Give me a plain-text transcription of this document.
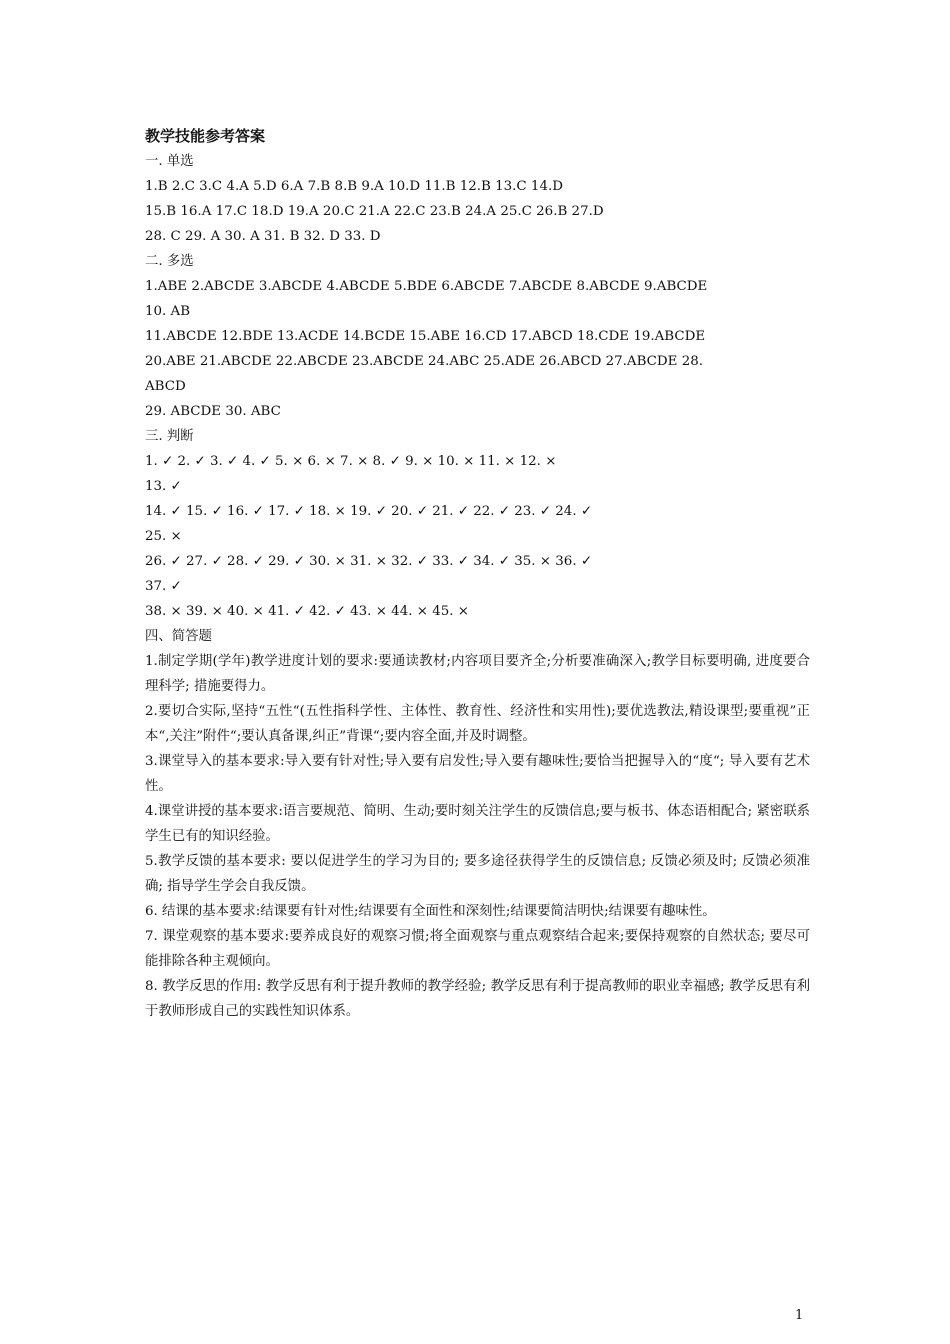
教学技能参考答案

一. 单选

1.B 2.C 3.C 4.A 5.D 6.A 7.B 8.B 9.A 10.D 11.B 12.B 13.C 14.D

15.B 16.A 17.C 18.D 19.A 20.C 21.A 22.C 23.B 24.A 25.C 26.B 27.D

28. C 29. A 30. A 31. B 32. D 33. D

二. 多选

1.ABE 2.ABCDE 3.ABCDE 4.ABCDE 5.BDE 6.ABCDE 7.ABCDE 8.ABCDE 9.ABCDE

10. AB

11.ABCDE 12.BDE 13.ACDE 14.BCDE 15.ABE 16.CD 17.ABCD 18.CDE 19.ABCDE

20.ABE 21.ABCDE 22.ABCDE 23.ABCDE 24.ABC 25.ADE 26.ABCD 27.ABCDE 28.

ABCD

29. ABCDE 30. ABC

三. 判断

1. ✓ 2. ✓ 3. ✓ 4. ✓ 5. × 6. × 7. × 8. ✓ 9. × 10. × 11. × 12. ×

13. ✓

14. ✓ 15. ✓ 16. ✓ 17. ✓ 18. × 19. ✓ 20. ✓ 21. ✓ 22. ✓ 23. ✓ 24. ✓

25. ×

26. ✓ 27. ✓ 28. ✓ 29. ✓ 30. × 31. × 32. ✓ 33. ✓ 34. ✓ 35. × 36. ✓

37. ✓

38. × 39. × 40. × 41. ✓ 42. ✓ 43. × 44. × 45. ×

四、简答题

1.制定学期(学年)教学进度计划的要求:要通读教材;内容项目要齐全;分析要准确深入;教学目标要明确, 进度要合理科学; 措施要得力。

2.要切合实际,坚持“五性“(五性指科学性、主体性、教育性、经济性和实用性);要优选教法,精设课型;要重视”正本“,关注”附件“;要认真备课,纠正”背课“;要内容全面,并及时调整。

3.课堂导入的基本要求:导入要有针对性;导入要有启发性;导入要有趣味性;要恰当把握导入的“度“; 导入要有艺术性。

4.课堂讲授的基本要求:语言要规范、简明、生动;要时刻关注学生的反馈信息;要与板书、体态语相配合; 紧密联系学生已有的知识经验。

5.教学反馈的基本要求: 要以促进学生的学习为目的; 要多途径获得学生的反馈信息; 反馈必须及时; 反馈必须准确; 指导学生学会自我反馈。

6. 结课的基本要求:结课要有针对性;结课要有全面性和深刻性;结课要简洁明快;结课要有趣味性。

7. 课堂观察的基本要求:要养成良好的观察习惯;将全面观察与重点观察结合起来;要保持观察的自然状态; 要尽可能排除各种主观倾向。

8. 教学反思的作用: 教学反思有利于提升教师的教学经验; 教学反思有利于提高教师的职业幸福感; 教学反思有利于教师形成自己的实践性知识体系。

1
